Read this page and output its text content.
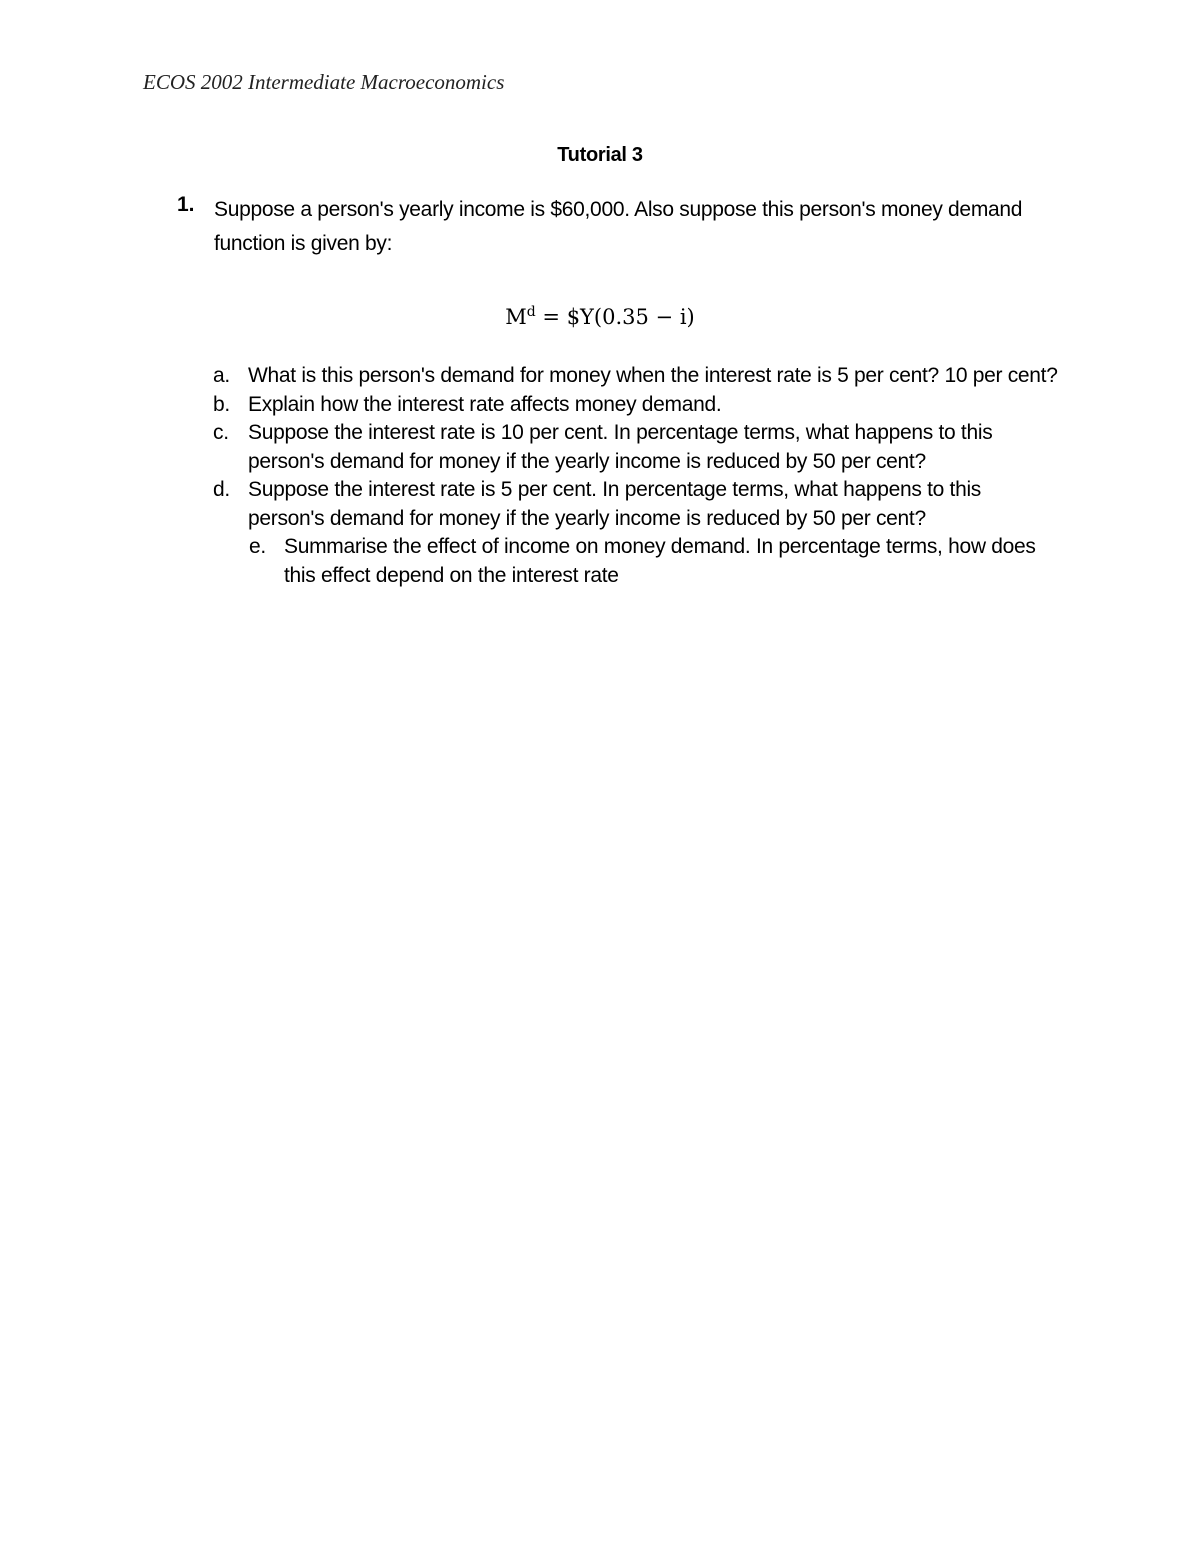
ECOS 2002 Intermediate Macroeconomics
Tutorial 3
1. Suppose a person's yearly income is $60,000. Also suppose this person's money demand function is given by:
$M^d$ = $Y(0.35 − i)
a. What is this person's demand for money when the interest rate is 5 per cent? 10 per cent?
b. Explain how the interest rate affects money demand.
c. Suppose the interest rate is 10 per cent. In percentage terms, what happens to this person's demand for money if the yearly income is reduced by 50 per cent?
d. Suppose the interest rate is 5 per cent. In percentage terms, what happens to this person's demand for money if the yearly income is reduced by 50 per cent?
e. Summarise the effect of income on money demand. In percentage terms, how does this effect depend on the interest rate
